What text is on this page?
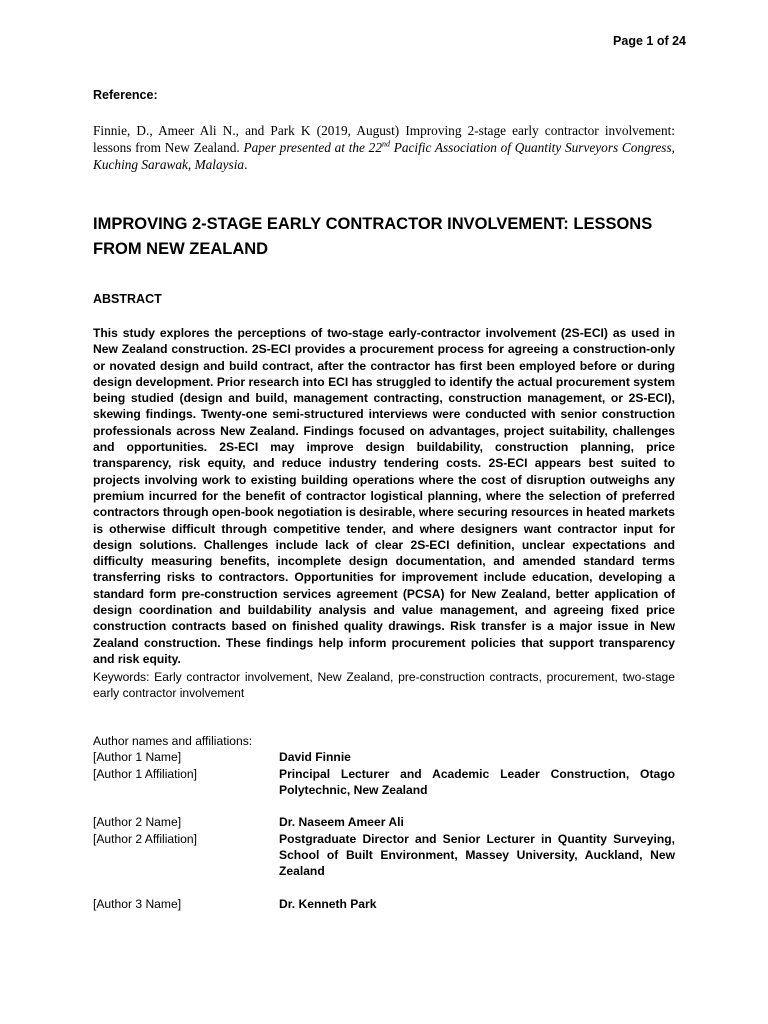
Page 1 of 24
Reference:
Finnie, D., Ameer Ali N., and Park K (2019, August) Improving 2-stage early contractor involvement: lessons from New Zealand. Paper presented at the 22nd Pacific Association of Quantity Surveyors Congress, Kuching Sarawak, Malaysia.
IMPROVING 2-STAGE EARLY CONTRACTOR INVOLVEMENT: LESSONS FROM NEW ZEALAND
ABSTRACT

This study explores the perceptions of two-stage early-contractor involvement (2S-ECI) as used in New Zealand construction. 2S-ECI provides a procurement process for agreeing a construction-only or novated design and build contract, after the contractor has first been employed before or during design development. Prior research into ECI has struggled to identify the actual procurement system being studied (design and build, management contracting, construction management, or 2S-ECI), skewing findings. Twenty-one semi-structured interviews were conducted with senior construction professionals across New Zealand. Findings focused on advantages, project suitability, challenges and opportunities. 2S-ECI may improve design buildability, construction planning, price transparency, risk equity, and reduce industry tendering costs. 2S-ECI appears best suited to projects involving work to existing building operations where the cost of disruption outweighs any premium incurred for the benefit of contractor logistical planning, where the selection of preferred contractors through open-book negotiation is desirable, where securing resources in heated markets is otherwise difficult through competitive tender, and where designers want contractor input for design solutions. Challenges include lack of clear 2S-ECI definition, unclear expectations and difficulty measuring benefits, incomplete design documentation, and amended standard terms transferring risks to contractors. Opportunities for improvement include education, developing a standard form pre-construction services agreement (PCSA) for New Zealand, better application of design coordination and buildability analysis and value management, and agreeing fixed price construction contracts based on finished quality drawings. Risk transfer is a major issue in New Zealand construction. These findings help inform procurement policies that support transparency and risk equity.

Keywords: Early contractor involvement, New Zealand, pre-construction contracts, procurement, two-stage early contractor involvement
Author names and affiliations:
[Author 1 Name]	David Finnie
[Author 1 Affiliation]	Principal Lecturer and Academic Leader Construction, Otago Polytechnic, New Zealand
[Author 2 Name]	Dr. Naseem Ameer Ali
[Author 2 Affiliation]	Postgraduate Director and Senior Lecturer in Quantity Surveying, School of Built Environment, Massey University, Auckland, New Zealand
[Author 3 Name]	Dr. Kenneth Park
